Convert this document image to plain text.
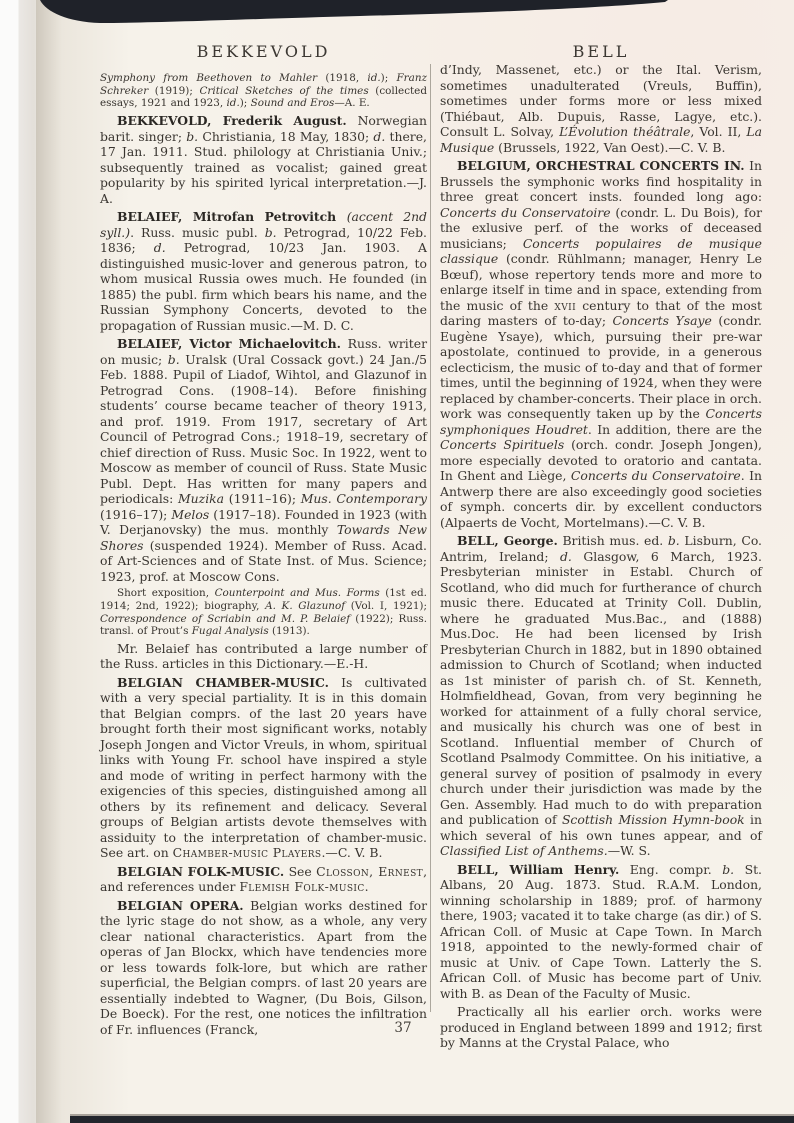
BEKKEVOLD	BELL

Symphony from Beethoven to Mahler (1918, id.); Franz Schreker (1919); Critical Sketches of the times (collected essays, 1921 and 1923, id.); Sound and Eros—A. E.

BEKKEVOLD, Frederik August. Norwegian barit. singer; b. Christiania, 18 May, 1830; d. there, 17 Jan. 1911. Stud. philology at Christiania Univ.; subsequently trained as vocalist; gained great popularity by his spirited lyrical interpretation.—J. A.

BELAIEF, Mitrofan Petrovitch (accent 2nd syll.). Russ. music publ. b. Petrograd, 10/22 Feb. 1836; d. Petrograd, 10/23 Jan. 1903. A distinguished music-lover and generous patron, to whom musical Russia owes much. He founded (in 1885) the publ. firm which bears his name, and the Russian Symphony Concerts, devoted to the propagation of Russian music.—M. D. C.

BELAIEF, Victor Michaelovitch. Russ. writer on music; b. Uralsk (Ural Cossack govt.) 24 Jan./5 Feb. 1888. Pupil of Liadof, Wihtol, and Glazunof in Petrograd Cons. (1908–14). Before finishing students’ course became teacher of theory 1913, and prof. 1919. From 1917, secretary of Art Council of Petrograd Cons.; 1918–19, secretary of chief direction of Russ. Music Soc. In 1922, went to Moscow as member of council of Russ. State Music Publ. Dept. Has written for many papers and periodicals: Muzika (1911–16); Mus. Contemporary (1916–17); Melos (1917–18). Founded in 1923 (with V. Derjanovsky) the mus. monthly Towards New Shores (suspended 1924). Member of Russ. Acad. of Art-Sciences and of State Inst. of Mus. Science; 1923, prof. at Moscow Cons.

Short exposition, Counterpoint and Mus. Forms (1st ed. 1914; 2nd, 1922); biography, A. K. Glazunof (Vol. I, 1921); Correspondence of Scriabin and M. P. Belaief (1922); Russ. transl. of Prout’s Fugal Analysis (1913).

Mr. Belaief has contributed a large number of the Russ. articles in this Dictionary.—E.-H.

BELGIAN CHAMBER-MUSIC. Is cultivated with a very special partiality. It is in this domain that Belgian comprs. of the last 20 years have brought forth their most significant works, notably Joseph Jongen and Victor Vreuls, in whom, spiritual links with Young Fr. school have inspired a style and mode of writing in perfect harmony with the exigencies of this species, distinguished among all others by its refinement and delicacy. Several groups of Belgian artists devote themselves with assiduity to the interpretation of chamber-music. See art. on Chamber-music Players.—C. V. B.

BELGIAN FOLK-MUSIC. See Closson, Ernest, and references under Flemish Folk-music.

BELGIAN OPERA. Belgian works destined for the lyric stage do not show, as a whole, any very clear national characteristics. Apart from the operas of Jan Blockx, which have tendencies more or less towards folk-lore, but which are rather superficial, the Belgian comprs. of last 20 years are essentially indebted to Wagner, (Du Bois, Gilson, De Boeck). For the rest, one notices the infiltration of Fr. influences (Franck,

d’Indy, Massenet, etc.) or the Ital. Verism, sometimes unadulterated (Vreuls, Buffin), sometimes under forms more or less mixed (Thiébaut, Alb. Dupuis, Rasse, Lagye, etc.). Consult L. Solvay, L’Évolution théâtrale, Vol. II, La Musique (Brussels, 1922, Van Oest).—C. V. B.

BELGIUM, ORCHESTRAL CONCERTS IN. In Brussels the symphonic works find hospitality in three great concert insts. founded long ago: Concerts du Conservatoire (condr. L. Du Bois), for the exlusive perf. of the works of deceased musicians; Concerts populaires de musique classique (condr. Rühlmann; manager, Henry Le Bœuf), whose repertory tends more and more to enlarge itself in time and in space, extending from the music of the xvii century to that of the most daring masters of to-day; Concerts Ysaye (condr. Eugène Ysaye), which, pursuing their pre-war apostolate, continued to provide, in a generous eclecticism, the music of to-day and that of former times, until the beginning of 1924, when they were replaced by chamber-concerts. Their place in orch. work was consequently taken up by the Concerts symphoniques Houdret. In addition, there are the Concerts Spirituels (orch. condr. Joseph Jongen), more especially devoted to oratorio and cantata. In Ghent and Liège, Concerts du Conservatoire. In Antwerp there are also exceedingly good societies of symph. concerts dir. by excellent conductors (Alpaerts de Vocht, Mortelmans).—C. V. B.

BELL, George. British mus. ed. b. Lisburn, Co. Antrim, Ireland; d. Glasgow, 6 March, 1923. Presbyterian minister in Establ. Church of Scotland, who did much for furtherance of church music there. Educated at Trinity Coll. Dublin, where he graduated Mus.Bac., and (1888) Mus.Doc. He had been licensed by Irish Presbyterian Church in 1882, but in 1890 obtained admission to Church of Scotland; when inducted as 1st minister of parish ch. of St. Kenneth, Holmfieldhead, Govan, from very beginning he worked for attainment of a fully choral service, and musically his church was one of best in Scotland. Influential member of Church of Scotland Psalmody Committee. On his initiative, a general survey of position of psalmody in every church under their jurisdiction was made by the Gen. Assembly. Had much to do with preparation and publication of Scottish Mission Hymn-book in which several of his own tunes appear, and of Classified List of Anthems.—W. S.

BELL, William Henry. Eng. compr. b. St. Albans, 20 Aug. 1873. Stud. R.A.M. London, winning scholarship in 1889; prof. of harmony there, 1903; vacated it to take charge (as dir.) of S. African Coll. of Music at Cape Town. In March 1918, appointed to the newly-formed chair of music at Univ. of Cape Town. Latterly the S. African Coll. of Music has become part of Univ. with B. as Dean of the Faculty of Music.

Practically all his earlier orch. works were produced in England between 1899 and 1912; first by Manns at the Crystal Palace, who

37
